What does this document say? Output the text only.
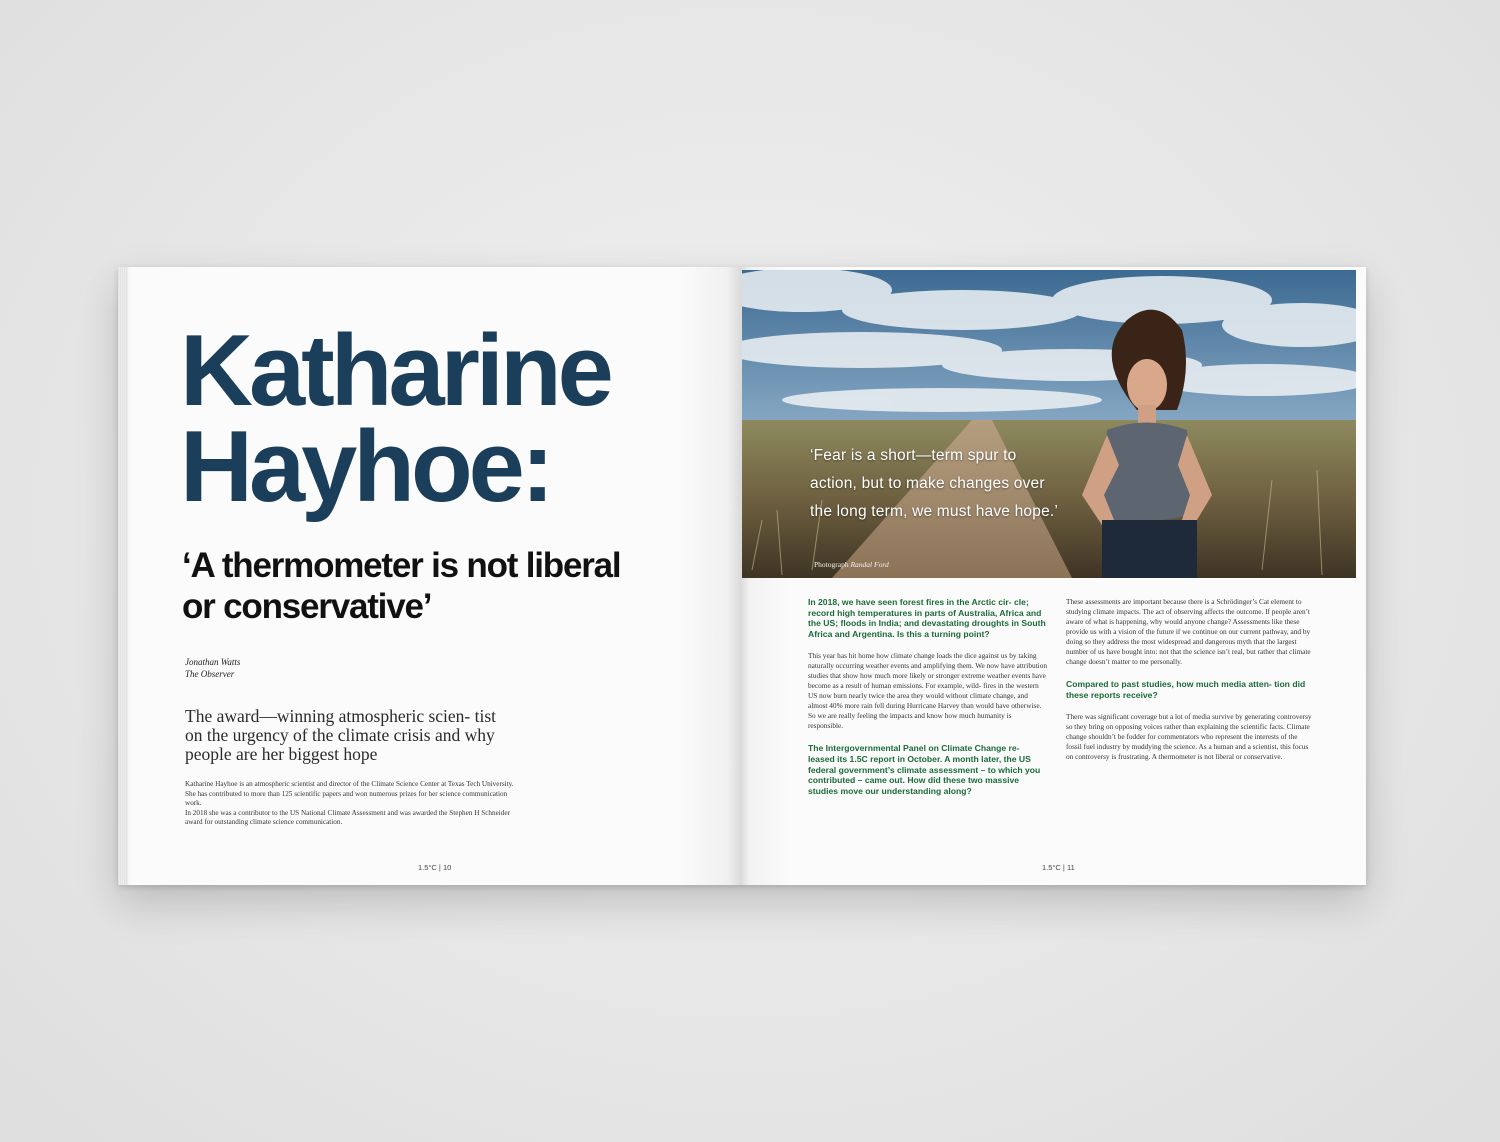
Katharine
Hayhoe:
‘A thermometer is not liberal
or conservative’
Jonathan Watts
The Observer

The award—winning atmospheric scien- tist on the urgency of the climate crisis and why people are her biggest hope

Katharine Hayhoe is an atmospheric scientist and director of the Climate Science Center at Texas Tech University. She has contributed to more than 125 scientific papers and won numerous prizes for her science communication work.

In 2018 she was a contributor to the US National Climate Assessment and was awarded the Stephen H Schneider award for outstanding climate science communication.

1.5°C | 10

‘Fear is a short—term spur to action, but to make changes over the long term, we must have hope.’

Photograph Randal Ford

In 2018, we have seen forest fires in the Arctic cir- cle; record high temperatures in parts of Australia, Africa and the US; floods in India; and devastating droughts in South Africa and Argentina. Is this a turning point?

This year has hit home how climate change loads the dice against us by taking naturally occurring weather events and amplifying them. We now have attribution studies that show how much more likely or stronger extreme weather events have become as a result of human emissions. For example, wild- fires in the western US now burn nearly twice the area they would without climate change, and almost 40% more rain fell during Hurricane Harvey than would have otherwise. So we are really feeling the impacts and know how much humanity is responsible.

The Intergovernmental Panel on Climate Change re- leased its 1.5C report in October. A month later, the US federal government’s climate assessment – to which you contributed – came out. How did these two massive studies move our understanding along?

These assessments are important because there is a Schrödinger’s Cat element to studying climate impacts. The act of observing affects the outcome. If people aren’t aware of what is happening, why would anyone change? Assessments like these provide us with a vision of the future if we continue on our current pathway, and by doing so they address the most widespread and dangerous myth that the largest number of us have bought into: not that the science isn’t real, but rather that climate change doesn’t matter to me personally.

Compared to past studies, how much media atten- tion did these reports receive?

There was significant coverage but a lot of media survive by generating controversy so they bring on opposing voices rather than explaining the scientific facts. Climate change shouldn’t be fodder for commentators who represent the interests of the fossil fuel industry by muddying the science. As a human and a scientist, this focus on controversy is frustrating. A thermometer is not liberal or conservative.

1.5°C | 11
